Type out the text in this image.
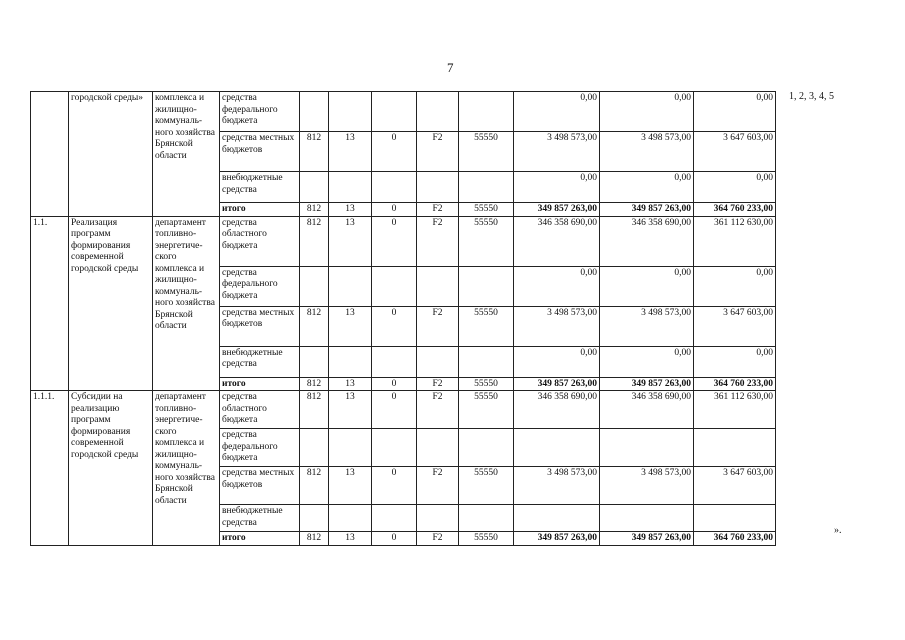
7
	городской среды»	комплекса и жилищно-коммуналь-ного хозяйства Брянской области	средства федерального бюджета						0,00	0,00	0,00
			средства местных бюджетов	812	13	0	F2	55550	3 498 573,00	3 498 573,00	3 647 603,00
			внебюджетные средства						0,00	0,00	0,00
			итого	812	13	0	F2	55550	349 857 263,00	349 857 263,00	364 760 233,00
1.1.	Реализация программ формирования современной городской среды	департамент топливно-энергетиче-ского комплекса и жилищно-коммуналь-ного хозяйства Брянской области	средства областного бюджета	812	13	0	F2	55550	346 358 690,00	346 358 690,00	361 112 630,00
			средства федерального бюджета						0,00	0,00	0,00
			средства местных бюджетов	812	13	0	F2	55550	3 498 573,00	3 498 573,00	3 647 603,00
			внебюджетные средства						0,00	0,00	0,00
			итого	812	13	0	F2	55550	349 857 263,00	349 857 263,00	364 760 233,00
1.1.1.	Субсидии на реализацию программ формирования современной городской среды	департамент топливно-энергетиче-ского комплекса и жилищно-коммуналь-ного хозяйства Брянской области	средства областного бюджета	812	13	0	F2	55550	346 358 690,00	346 358 690,00	361 112 630,00
			средства федерального бюджета								
			средства местных бюджетов	812	13	0	F2	55550	3 498 573,00	3 498 573,00	3 647 603,00
			внебюджетные средства								
			итого	812	13	0	F2	55550	349 857 263,00	349 857 263,00	364 760 233,00
1, 2, 3, 4, 5
».
